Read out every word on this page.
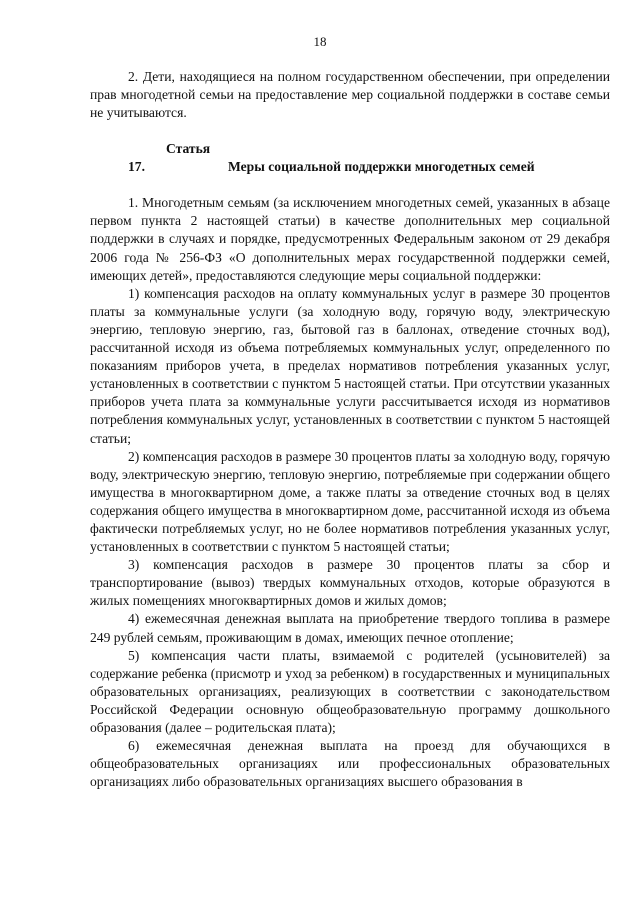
18

2. Дети, находящиеся на полном государственном обеспечении, при определении прав многодетной семьи на предоставление мер социальной поддержки в составе семьи не учитываются.

Статья 17.	Меры социальной поддержки многодетных семей

1. Многодетным семьям (за исключением многодетных семей, указанных в абзаце первом пункта 2 настоящей статьи) в качестве дополнительных мер социальной поддержки в случаях и порядке, предусмотренных Федеральным законом от 29 декабря 2006 года № 256-ФЗ «О дополнительных мерах государственной поддержки семей, имеющих детей», предоставляются следующие меры социальной поддержки:

1) компенсация расходов на оплату коммунальных услуг в размере 30 процентов платы за коммунальные услуги (за холодную воду, горячую воду, электрическую энергию, тепловую энергию, газ, бытовой газ в баллонах, отведение сточных вод), рассчитанной исходя из объема потребляемых коммунальных услуг, определенного по показаниям приборов учета, в пределах нормативов потребления указанных услуг, установленных в соответствии с пунктом 5 настоящей статьи. При отсутствии указанных приборов учета плата за коммунальные услуги рассчитывается исходя из нормативов потребления коммунальных услуг, установленных в соответствии с пунктом 5 настоящей статьи;

2) компенсация расходов в размере 30 процентов платы за холодную воду, горячую воду, электрическую энергию, тепловую энергию, потребляемые при содержании общего имущества в многоквартирном доме, а также платы за отведение сточных вод в целях содержания общего имущества в многоквартирном доме, рассчитанной исходя из объема фактически потребляемых услуг, но не более нормативов потребления указанных услуг, установленных в соответствии с пунктом 5 настоящей статьи;

3) компенсация расходов в размере 30 процентов платы за сбор и транспортирование (вывоз) твердых коммунальных отходов, которые образуются в жилых помещениях многоквартирных домов и жилых домов;

4) ежемесячная денежная выплата на приобретение твердого топлива в размере 249 рублей семьям, проживающим в домах, имеющих печное отопление;

5) компенсация части платы, взимаемой с родителей (усыновителей) за содержание ребенка (присмотр и уход за ребенком) в государственных и муниципальных образовательных организациях, реализующих в соответствии с законодательством Российской Федерации основную общеобразовательную программу дошкольного образования (далее – родительская плата);

6) ежемесячная денежная выплата на проезд для обучающихся в общеобразовательных организациях или профессиональных образовательных организациях либо образовательных организациях высшего образования в
